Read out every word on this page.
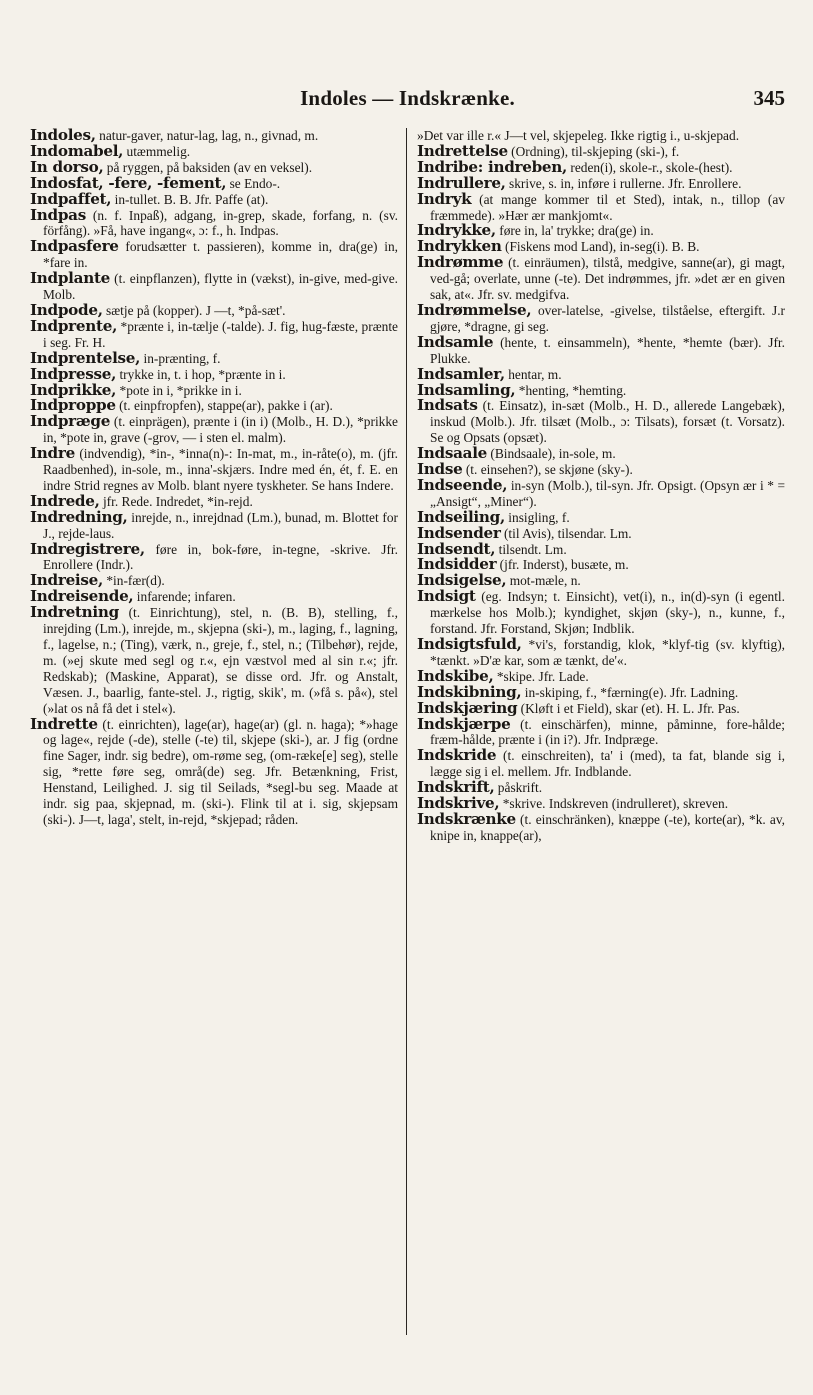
Indoles — Indskrænke.	345

Indoles, natur-gaver, natur-lag, lag, n., givnad, m.

Indomabel, utæmmelig.

In dorso, på ryggen, på baksiden (av en veksel).

Indosfat, -fere, -fement, se Endo-.

Indpaffet, in-tullet. B. B. Jfr. Paffe (at).

Indpas (n. f. Inpaß), adgang, in-grep, skade, forfang, n. (sv. förfång). »Få, have ingang«, ɔ: f., h. Indpas.

Indpasfere forudsætter t. passieren), komme in, dra(ge) in, *fare in.

Indplante (t. einpflanzen), flytte in (vækst), in-give, med-give. Molb.

Indpode, sætje på (kopper). J —t, *på-sæt'.

Indprente, *prænte i, in-tælje (-talde). J. fig, hug-fæste, prænte i seg. Fr. H.

Indprentelse, in-prænting, f.

Indpresse, trykke in, t. i hop, *prænte in i.

Indprikke, *pote in i, *prikke in i.

Indproppe (t. einpfropfen), stappe(ar), pakke i (ar).

Indpræge (t. einprägen), prænte i (in i) (Molb., H. D.), *prikke in, *pote in, grave (-grov, — i sten el. malm).

Indre (indvendig), *in-, *inna(n)-: In-mat, m., in-råte(o), m. (jfr. Raadbenhed), in-sole, m., inna'-skjærs. Indre med én, ét, f. E. en indre Strid regnes av Molb. blant nyere tyskheter. Se hans Indere.

Indrede, jfr. Rede. Indredet, *in-rejd.

Indredning, inrejde, n., inrejdnad (Lm.), bunad, m. Blottet for J., rejde-laus.

Indregistrere, føre in, bok-føre, in-tegne, -skrive. Jfr. Enrollere (Indr.).

Indreise, *in-fær(d).

Indreisende, infarende; infaren.

Indretning (t. Einrichtung), stel, n. (B. B), stelling, f., inrejding (Lm.), inrejde, m., skjepna (ski-), m., laging, f., lagning, f., lagelse, n.; (Ting), værk, n., greje, f., stel, n.; (Tilbehør), rejde, m. (»ej skute med segl og r.«, ejn væstvol med al sin r.«; jfr. Redskab); (Maskine, Apparat), se disse ord. Jfr. og Anstalt, Væsen. J., baarlig, fante-stel. J., rigtig, skik', m. (»få s. på«), stel (»lat os nå få det i stel«).

Indrette (t. einrichten), lage(ar), hage(ar) (gl. n. haga); *»hage og lage«, rejde (-de), stelle (-te) til, skjepe (ski-), ar. J fig (ordne fine Sager, indr. sig bedre), om-røme seg, (om-ræke[e] seg), stelle sig, *rette føre seg, områ(de) seg. Jfr. Betænkning, Frist, Henstand, Leilighed. J. sig til Seilads, *segl-bu seg. Maade at indr. sig paa, skjepnad, m. (ski-). Flink til at i. sig, skjepsam (ski-). J—t, laga', stelt, in-rejd, *skjepad; råden.

»Det var ille r.« J—t vel, skjepeleg. Ikke rigtig i., u-skjepad.

Indrettelse (Ordning), til-skjeping (ski-), f.

Indribe: indreben, reden(i), skole-r., skole-(hest).

Indrullere, skrive, s. in, inføre i rullerne. Jfr. Enrollere.

Indryk (at mange kommer til et Sted), intak, n., tillop (av fræmmede). »Hær ær mankjomt«.

Indrykke, føre in, la' trykke; dra(ge) in.

Indrykken (Fiskens mod Land), in-seg(i). B. B.

Indrømme (t. einräumen), tilstå, medgive, sanne(ar), gi magt, ved-gå; overlate, unne (-te). Det indrømmes, jfr. »det ær en given sak, at«. Jfr. sv. medgifva.

Indrømmelse, over-latelse, -givelse, tilståelse, eftergift. J.r gjøre, *dragne, gi seg.

Indsamle (hente, t. einsammeln), *hente, *hemte (bær). Jfr. Plukke.

Indsamler, hentar, m.

Indsamling, *henting, *hemting.

Indsats (t. Einsatz), in-sæt (Molb., H. D., allerede Langebæk), inskud (Molb.). Jfr. tilsæt (Molb., ɔ: Tilsats), forsæt (t. Vorsatz). Se og Opsats (opsæt).

Indsaale (Bindsaale), in-sole, m.

Indse (t. einsehen?), se skjøne (sky-).

Indseende, in-syn (Molb.), til-syn. Jfr. Opsigt. (Opsyn ær i * = „Ansigt“, „Miner“).

Indseiling, insigling, f.

Indsender (til Avis), tilsendar. Lm.

Indsendt, tilsendt. Lm.

Indsidder (jfr. Inderst), busæte, m.

Indsigelse, mot-mæle, n.

Indsigt (eg. Indsyn; t. Einsicht), vet(i), n., in(d)-syn (i egentl. mærkelse hos Molb.); kyndighet, skjøn (sky-), n., kunne, f., forstand. Jfr. Forstand, Skjøn; Indblik.

Indsigtsfuld, *vi's, forstandig, klok, *klyf-tig (sv. klyftig), *tænkt. »D'æ kar, som æ tænkt, de'«.

Indskibe, *skipe. Jfr. Lade.

Indskibning, in-skiping, f., *færning(e). Jfr. Ladning.

Indskjæring (Kløft i et Field), skar (et). H. L. Jfr. Pas.

Indskjærpe (t. einschärfen), minne, påminne, fore-hålde; fræm-hålde, prænte i (in i?). Jfr. Indpræge.

Indskride (t. einschreiten), ta' i (med), ta fat, blande sig i, lægge sig i el. mellem. Jfr. Indblande.

Indskrift, påskrift.

Indskrive, *skrive. Indskreven (indrulleret), skreven.

Indskrænke (t. einschränken), knæppe (-te), korte(ar), *k. av, knipe in, knappe(ar),
